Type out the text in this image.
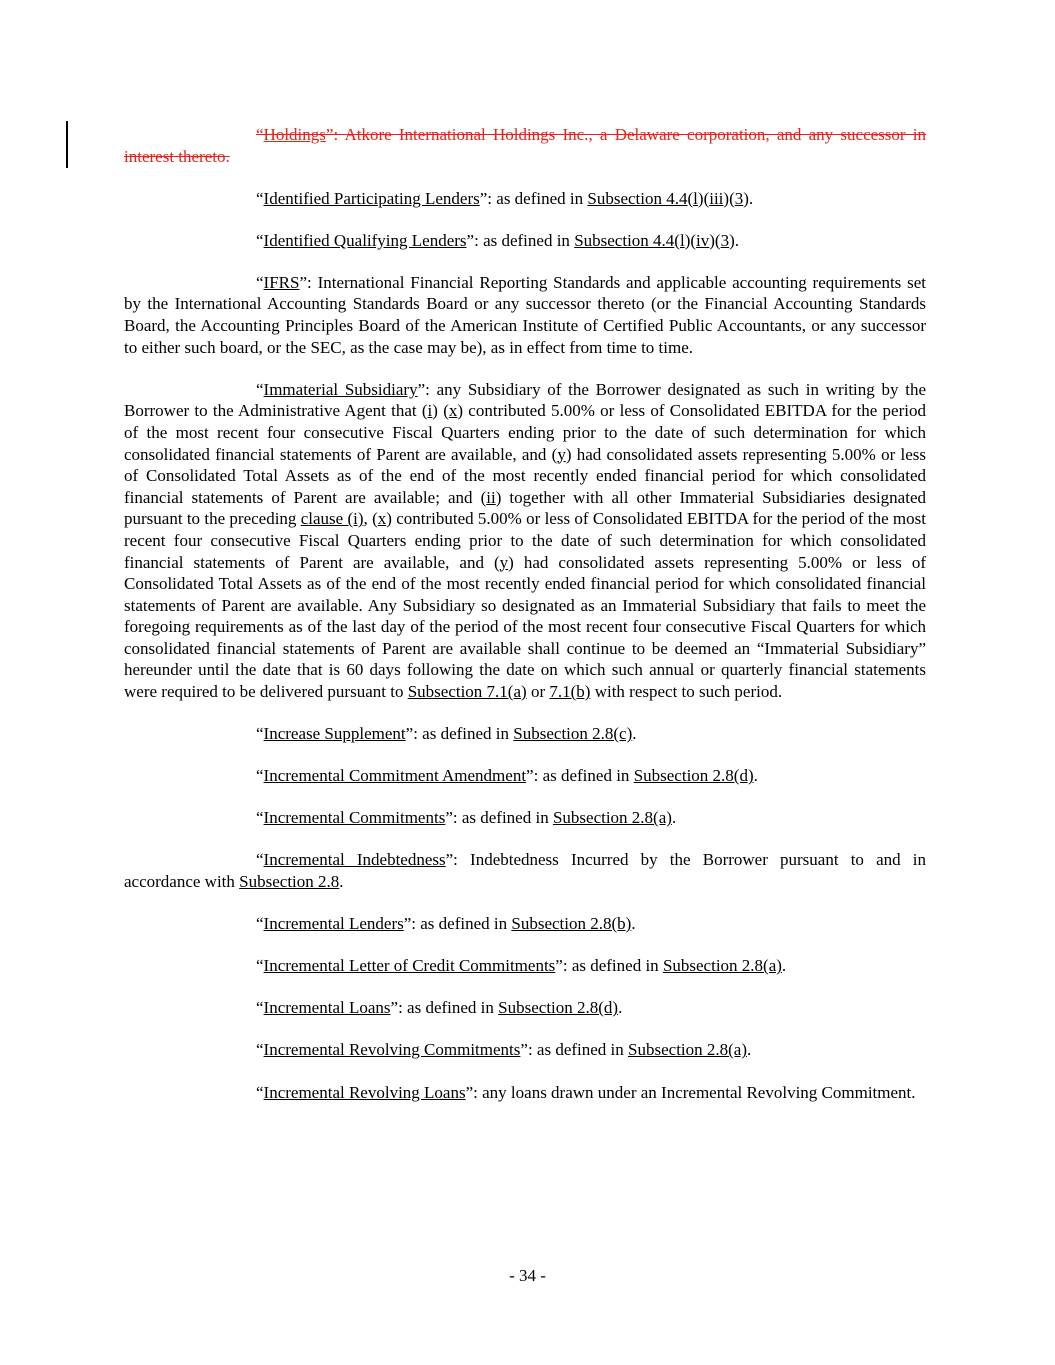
“Holdings”: Atkore International Holdings Inc., a Delaware corporation, and any successor in interest thereto.

“Identified Participating Lenders”: as defined in Subsection 4.4(l)(iii)(3).

“Identified Qualifying Lenders”: as defined in Subsection 4.4(l)(iv)(3).

“IFRS”: International Financial Reporting Standards and applicable accounting requirements set by the International Accounting Standards Board or any successor thereto (or the Financial Accounting Standards Board, the Accounting Principles Board of the American Institute of Certified Public Accountants, or any successor to either such board, or the SEC, as the case may be), as in effect from time to time.

“Immaterial Subsidiary”: any Subsidiary of the Borrower designated as such in writing by the Borrower to the Administrative Agent that (i) (x) contributed 5.00% or less of Consolidated EBITDA for the period of the most recent four consecutive Fiscal Quarters ending prior to the date of such determination for which consolidated financial statements of Parent are available, and (y) had consolidated assets representing 5.00% or less of Consolidated Total Assets as of the end of the most recently ended financial period for which consolidated financial statements of Parent are available; and (ii) together with all other Immaterial Subsidiaries designated pursuant to the preceding clause (i), (x) contributed 5.00% or less of Consolidated EBITDA for the period of the most recent four consecutive Fiscal Quarters ending prior to the date of such determination for which consolidated financial statements of Parent are available, and (y) had consolidated assets representing 5.00% or less of Consolidated Total Assets as of the end of the most recently ended financial period for which consolidated financial statements of Parent are available. Any Subsidiary so designated as an Immaterial Subsidiary that fails to meet the foregoing requirements as of the last day of the period of the most recent four consecutive Fiscal Quarters for which consolidated financial statements of Parent are available shall continue to be deemed an “Immaterial Subsidiary” hereunder until the date that is 60 days following the date on which such annual or quarterly financial statements were required to be delivered pursuant to Subsection 7.1(a) or 7.1(b) with respect to such period.

“Increase Supplement”: as defined in Subsection 2.8(c).

“Incremental Commitment Amendment”: as defined in Subsection 2.8(d).

“Incremental Commitments”: as defined in Subsection 2.8(a).

“Incremental Indebtedness”: Indebtedness Incurred by the Borrower pursuant to and in accordance with Subsection 2.8.

“Incremental Lenders”: as defined in Subsection 2.8(b).

“Incremental Letter of Credit Commitments”: as defined in Subsection 2.8(a).

“Incremental Loans”: as defined in Subsection 2.8(d).

“Incremental Revolving Commitments”: as defined in Subsection 2.8(a).

“Incremental Revolving Loans”: any loans drawn under an Incremental Revolving Commitment.

- 34 -
